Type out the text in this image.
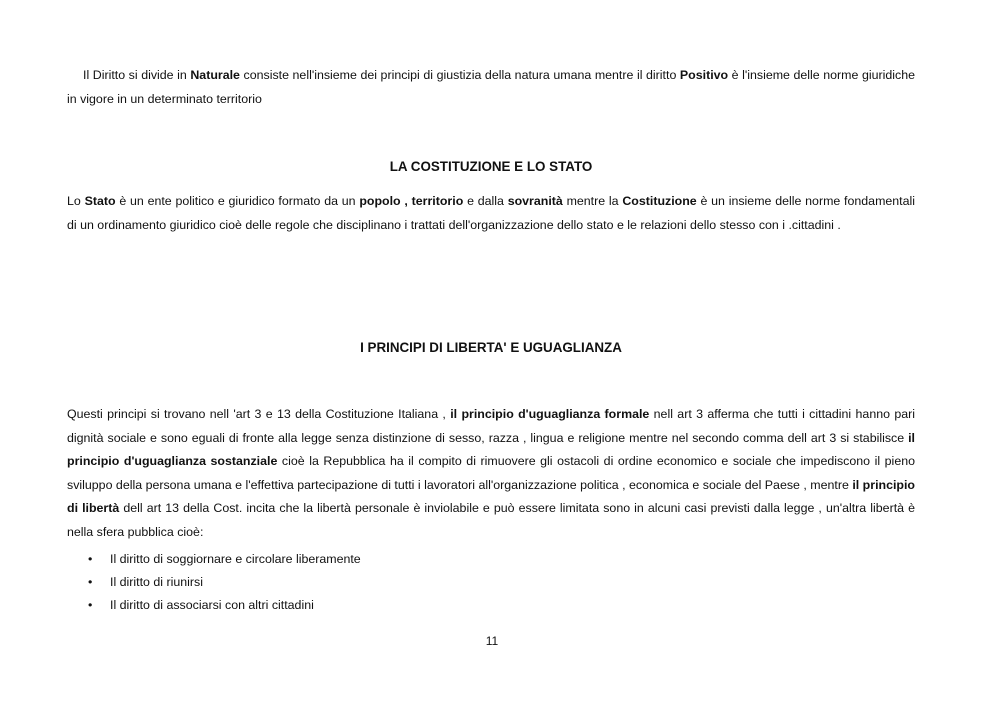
Il Diritto si divide in Naturale consiste nell'insieme dei principi di giustizia della natura umana mentre il diritto Positivo è l'insieme delle norme giuridiche in vigore in un determinato territorio

LA COSTITUZIONE E LO STATO

Lo Stato è un ente politico e giuridico formato da un popolo , territorio e dalla sovranità mentre la Costituzione è un insieme delle norme fondamentali di un ordinamento giuridico cioè delle regole che disciplinano i trattati dell'organizzazione dello stato e le relazioni dello stesso con i .cittadini .

I PRINCIPI DI LIBERTA' E UGUAGLIANZA

Questi principi si trovano nell 'art 3 e 13 della Costituzione Italiana , il principio d'uguaglianza formale nell art 3 afferma che tutti i cittadini hanno pari dignità sociale e sono eguali di fronte alla legge senza distinzione di sesso, razza , lingua e religione mentre nel secondo comma dell art 3 si stabilisce il principio d'uguaglianza sostanziale cioè la Repubblica ha il compito di rimuovere gli ostacoli di ordine economico e sociale che impediscono il pieno sviluppo della persona umana e l'effettiva partecipazione di tutti i lavoratori all'organizzazione politica , economica e sociale del Paese , mentre il principio di libertà dell art 13 della Cost. incita che la libertà personale è inviolabile e può essere limitata sono in alcuni casi previsti dalla legge , un'altra libertà è nella sfera pubblica cioè:

• Il diritto di soggiornare e circolare liberamente
• Il diritto di riunirsi
• Il diritto di associarsi con altri cittadini
11
